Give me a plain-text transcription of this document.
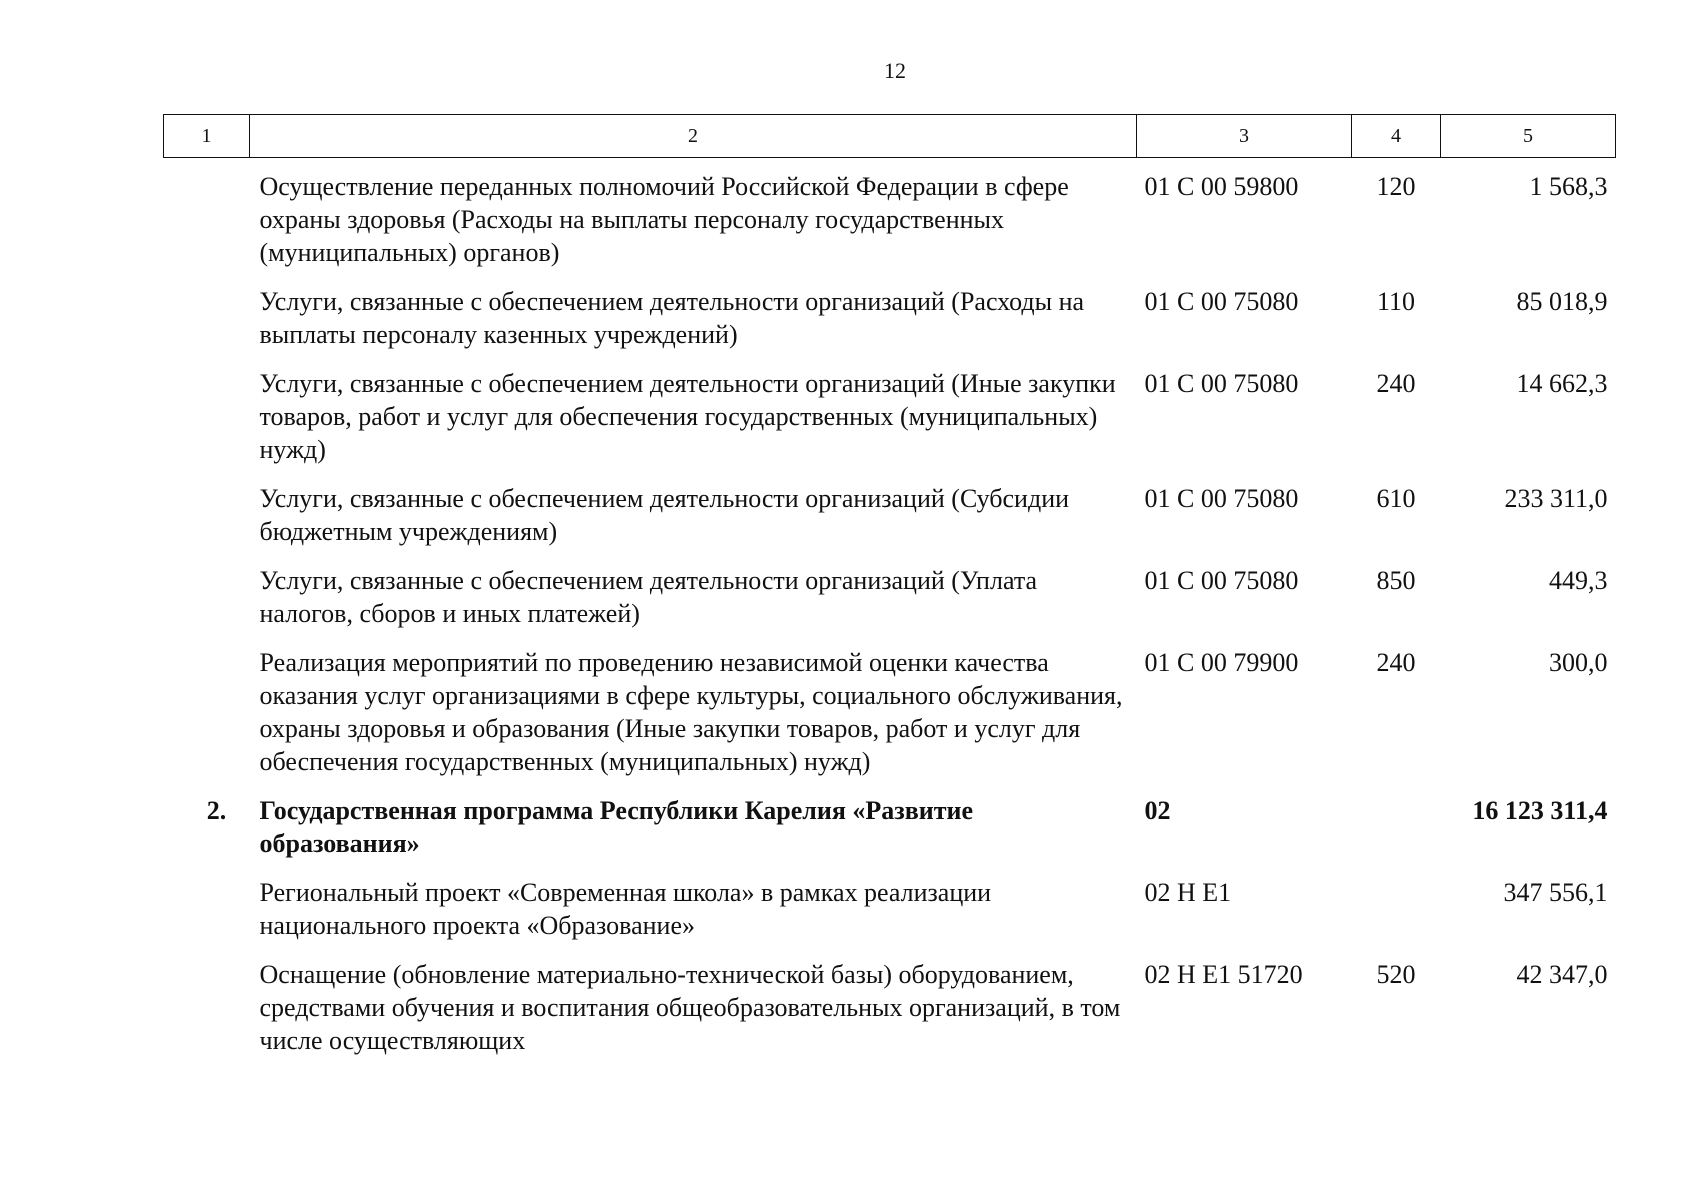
12
1	2	3	4	5
	Осуществление переданных полномочий Российской Федерации в сфере охраны здоровья (Расходы на выплаты персоналу государственных (муниципальных) органов)	01 С 00 59800	120	1 568,3
	Услуги, связанные с обеспечением деятельности организаций (Расходы на выплаты персоналу казенных учреждений)	01 С 00 75080	110	85 018,9
	Услуги, связанные с обеспечением деятельности организаций (Иные закупки товаров, работ и услуг для обеспечения государственных (муниципальных) нужд)	01 С 00 75080	240	14 662,3
	Услуги, связанные с обеспечением деятельности организаций (Субсидии бюджетным учреждениям)	01 С 00 75080	610	233 311,0
	Услуги, связанные с обеспечением деятельности организаций (Уплата налогов, сборов и иных платежей)	01 С 00 75080	850	449,3
	Реализация мероприятий по проведению независимой оценки качества оказания услуг организациями в сфере культуры, социального обслуживания, охраны здоровья и образования (Иные закупки товаров, работ и услуг для обеспечения государственных (муниципальных) нужд)	01 С 00 79900	240	300,0
2.	Государственная программа Республики Карелия «Развитие образования»	02		16 123 311,4
	Региональный проект «Современная школа» в рамках реализации национального проекта «Образование»	02 Н Е1		347 556,1
	Оснащение (обновление материально-технической базы) оборудованием, средствами обучения и воспитания общеобразовательных организаций, в том числе осуществляющих	02 Н Е1 51720	520	42 347,0
